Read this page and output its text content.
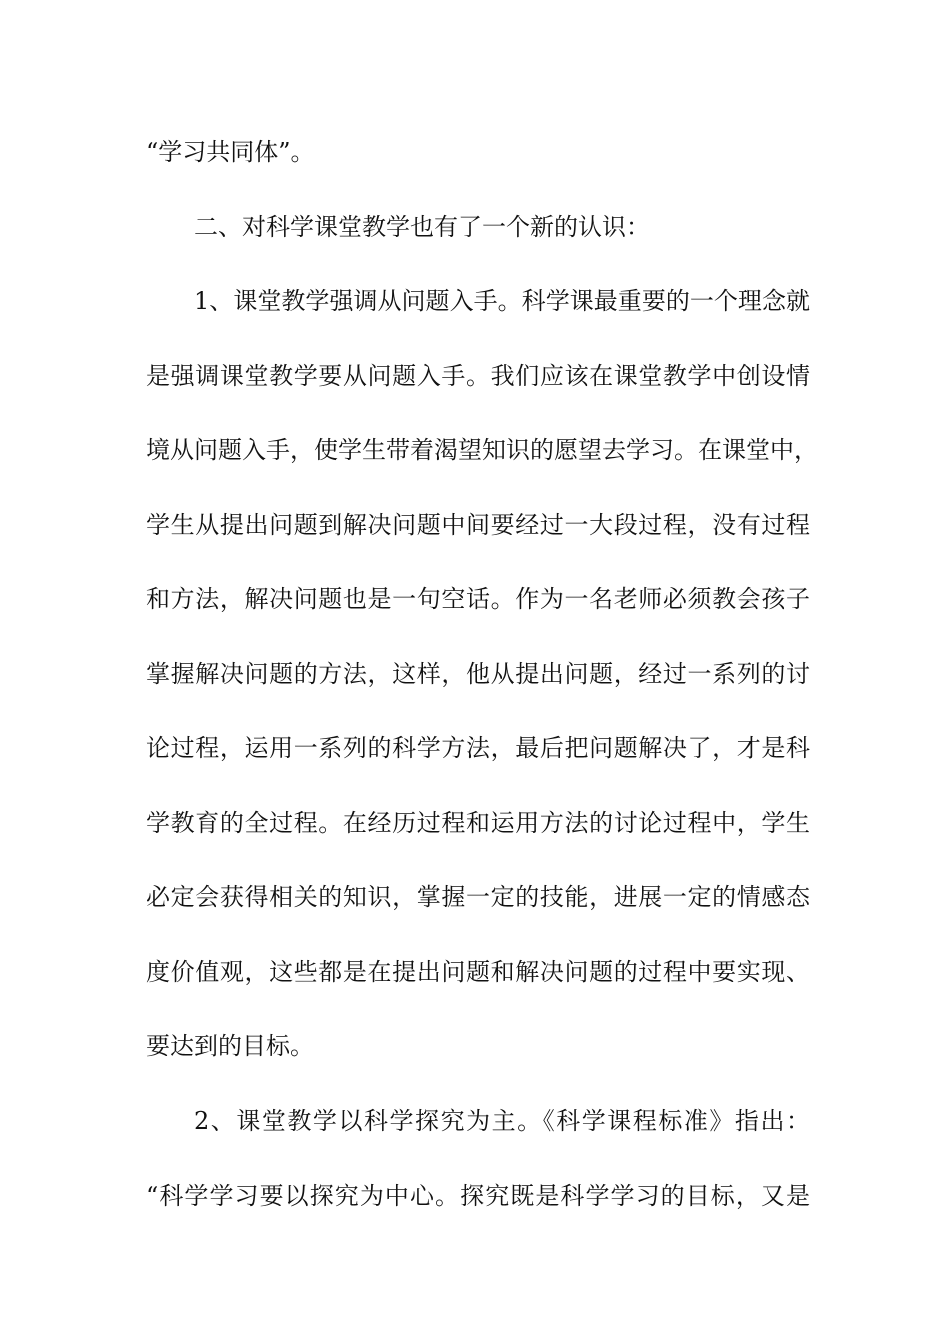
“学习共同体”。
二、对科学课堂教学也有了一个新的认识：
1、课堂教学强调从问题入手。科学课最重要的一个理念就
是强调课堂教学要从问题入手。我们应该在课堂教学中创设情
境从问题入手，使学生带着渴望知识的愿望去学习。在课堂中，
学生从提出问题到解决问题中间要经过一大段过程，没有过程
和方法，解决问题也是一句空话。作为一名老师必须教会孩子
掌握解决问题的方法，这样，他从提出问题，经过一系列的讨
论过程，运用一系列的科学方法，最后把问题解决了，才是科
学教育的全过程。在经历过程和运用方法的讨论过程中，学生
必定会获得相关的知识，掌握一定的技能，进展一定的情感态
度价值观，这些都是在提出问题和解决问题的过程中要实现、
要达到的目标。
2、课堂教学以科学探究为主。《科学课程标准》指出：
“科学学习要以探究为中心。探究既是科学学习的目标，又是
